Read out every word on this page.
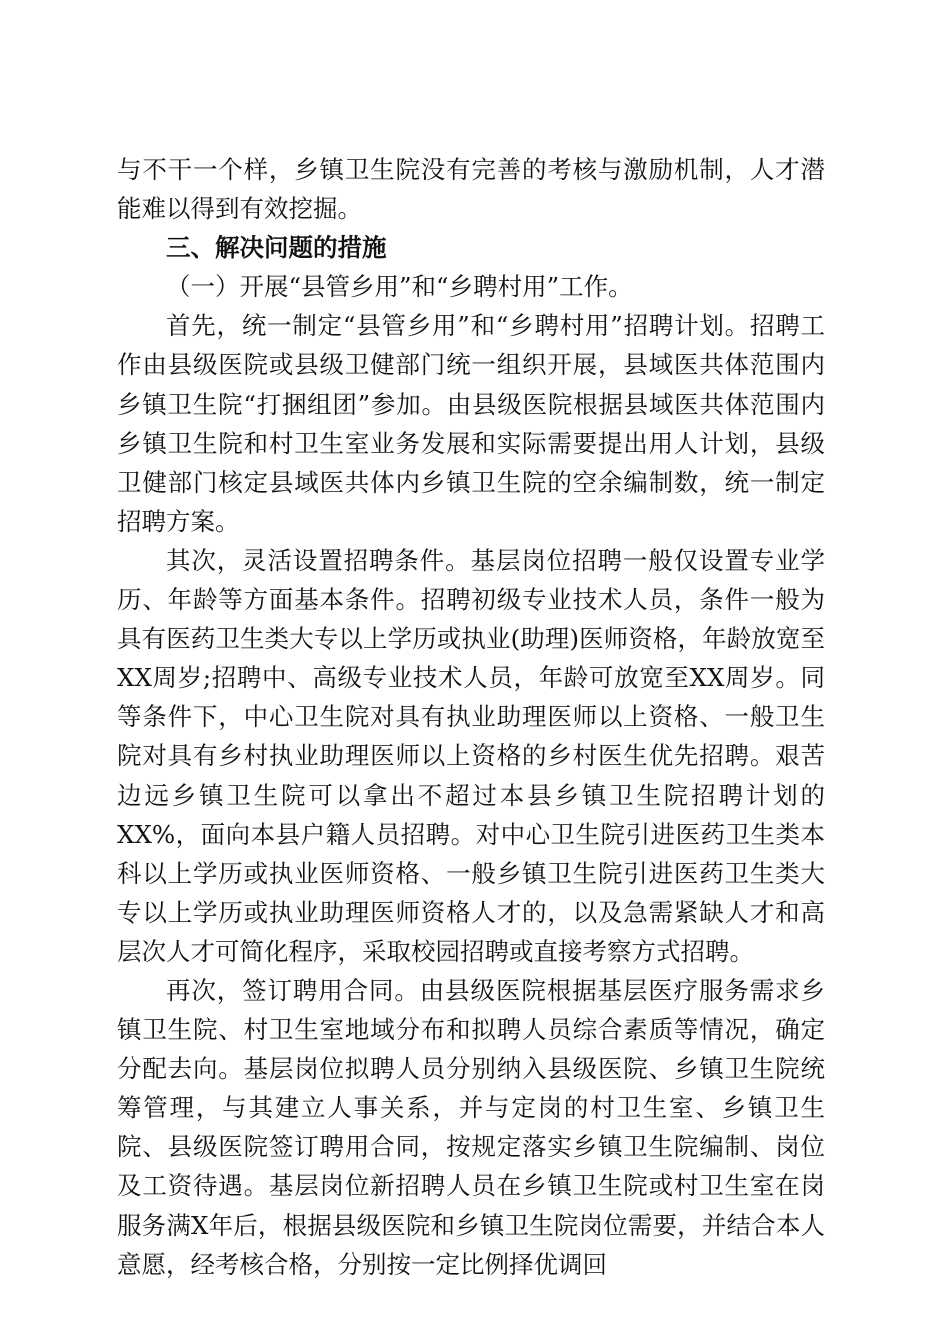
与不干一个样，乡镇卫生院没有完善的考核与激励机制，人才潜能难以得到有效挖掘。

三、解决问题的措施

（一）开展“县管乡用”和“乡聘村用”工作。

首先，统一制定“县管乡用”和“乡聘村用”招聘计划。招聘工作由县级医院或县级卫健部门统一组织开展，县域医共体范围内乡镇卫生院“打捆组团”参加。由县级医院根据县域医共体范围内乡镇卫生院和村卫生室业务发展和实际需要提出用人计划，县级卫健部门核定县域医共体内乡镇卫生院的空余编制数，统一制定招聘方案。

其次，灵活设置招聘条件。基层岗位招聘一般仅设置专业学历、年龄等方面基本条件。招聘初级专业技术人员，条件一般为具有医药卫生类大专以上学历或执业(助理)医师资格，年龄放宽至XX周岁;招聘中、高级专业技术人员，年龄可放宽至XX周岁。同等条件下，中心卫生院对具有执业助理医师以上资格、一般卫生院对具有乡村执业助理医师以上资格的乡村医生优先招聘。艰苦边远乡镇卫生院可以拿出不超过本县乡镇卫生院招聘计划的XX%，面向本县户籍人员招聘。对中心卫生院引进医药卫生类本科以上学历或执业医师资格、一般乡镇卫生院引进医药卫生类大专以上学历或执业助理医师资格人才的，以及急需紧缺人才和高层次人才可简化程序，采取校园招聘或直接考察方式招聘。

再次，签订聘用合同。由县级医院根据基层医疗服务需求乡镇卫生院、村卫生室地域分布和拟聘人员综合素质等情况，确定分配去向。基层岗位拟聘人员分别纳入县级医院、乡镇卫生院统筹管理，与其建立人事关系，并与定岗的村卫生室、乡镇卫生院、县级医院签订聘用合同，按规定落实乡镇卫生院编制、岗位及工资待遇。基层岗位新招聘人员在乡镇卫生院或村卫生室在岗服务满X年后，根据县级医院和乡镇卫生院岗位需要，并结合本人意愿，经考核合格，分别按一定比例择优调回
